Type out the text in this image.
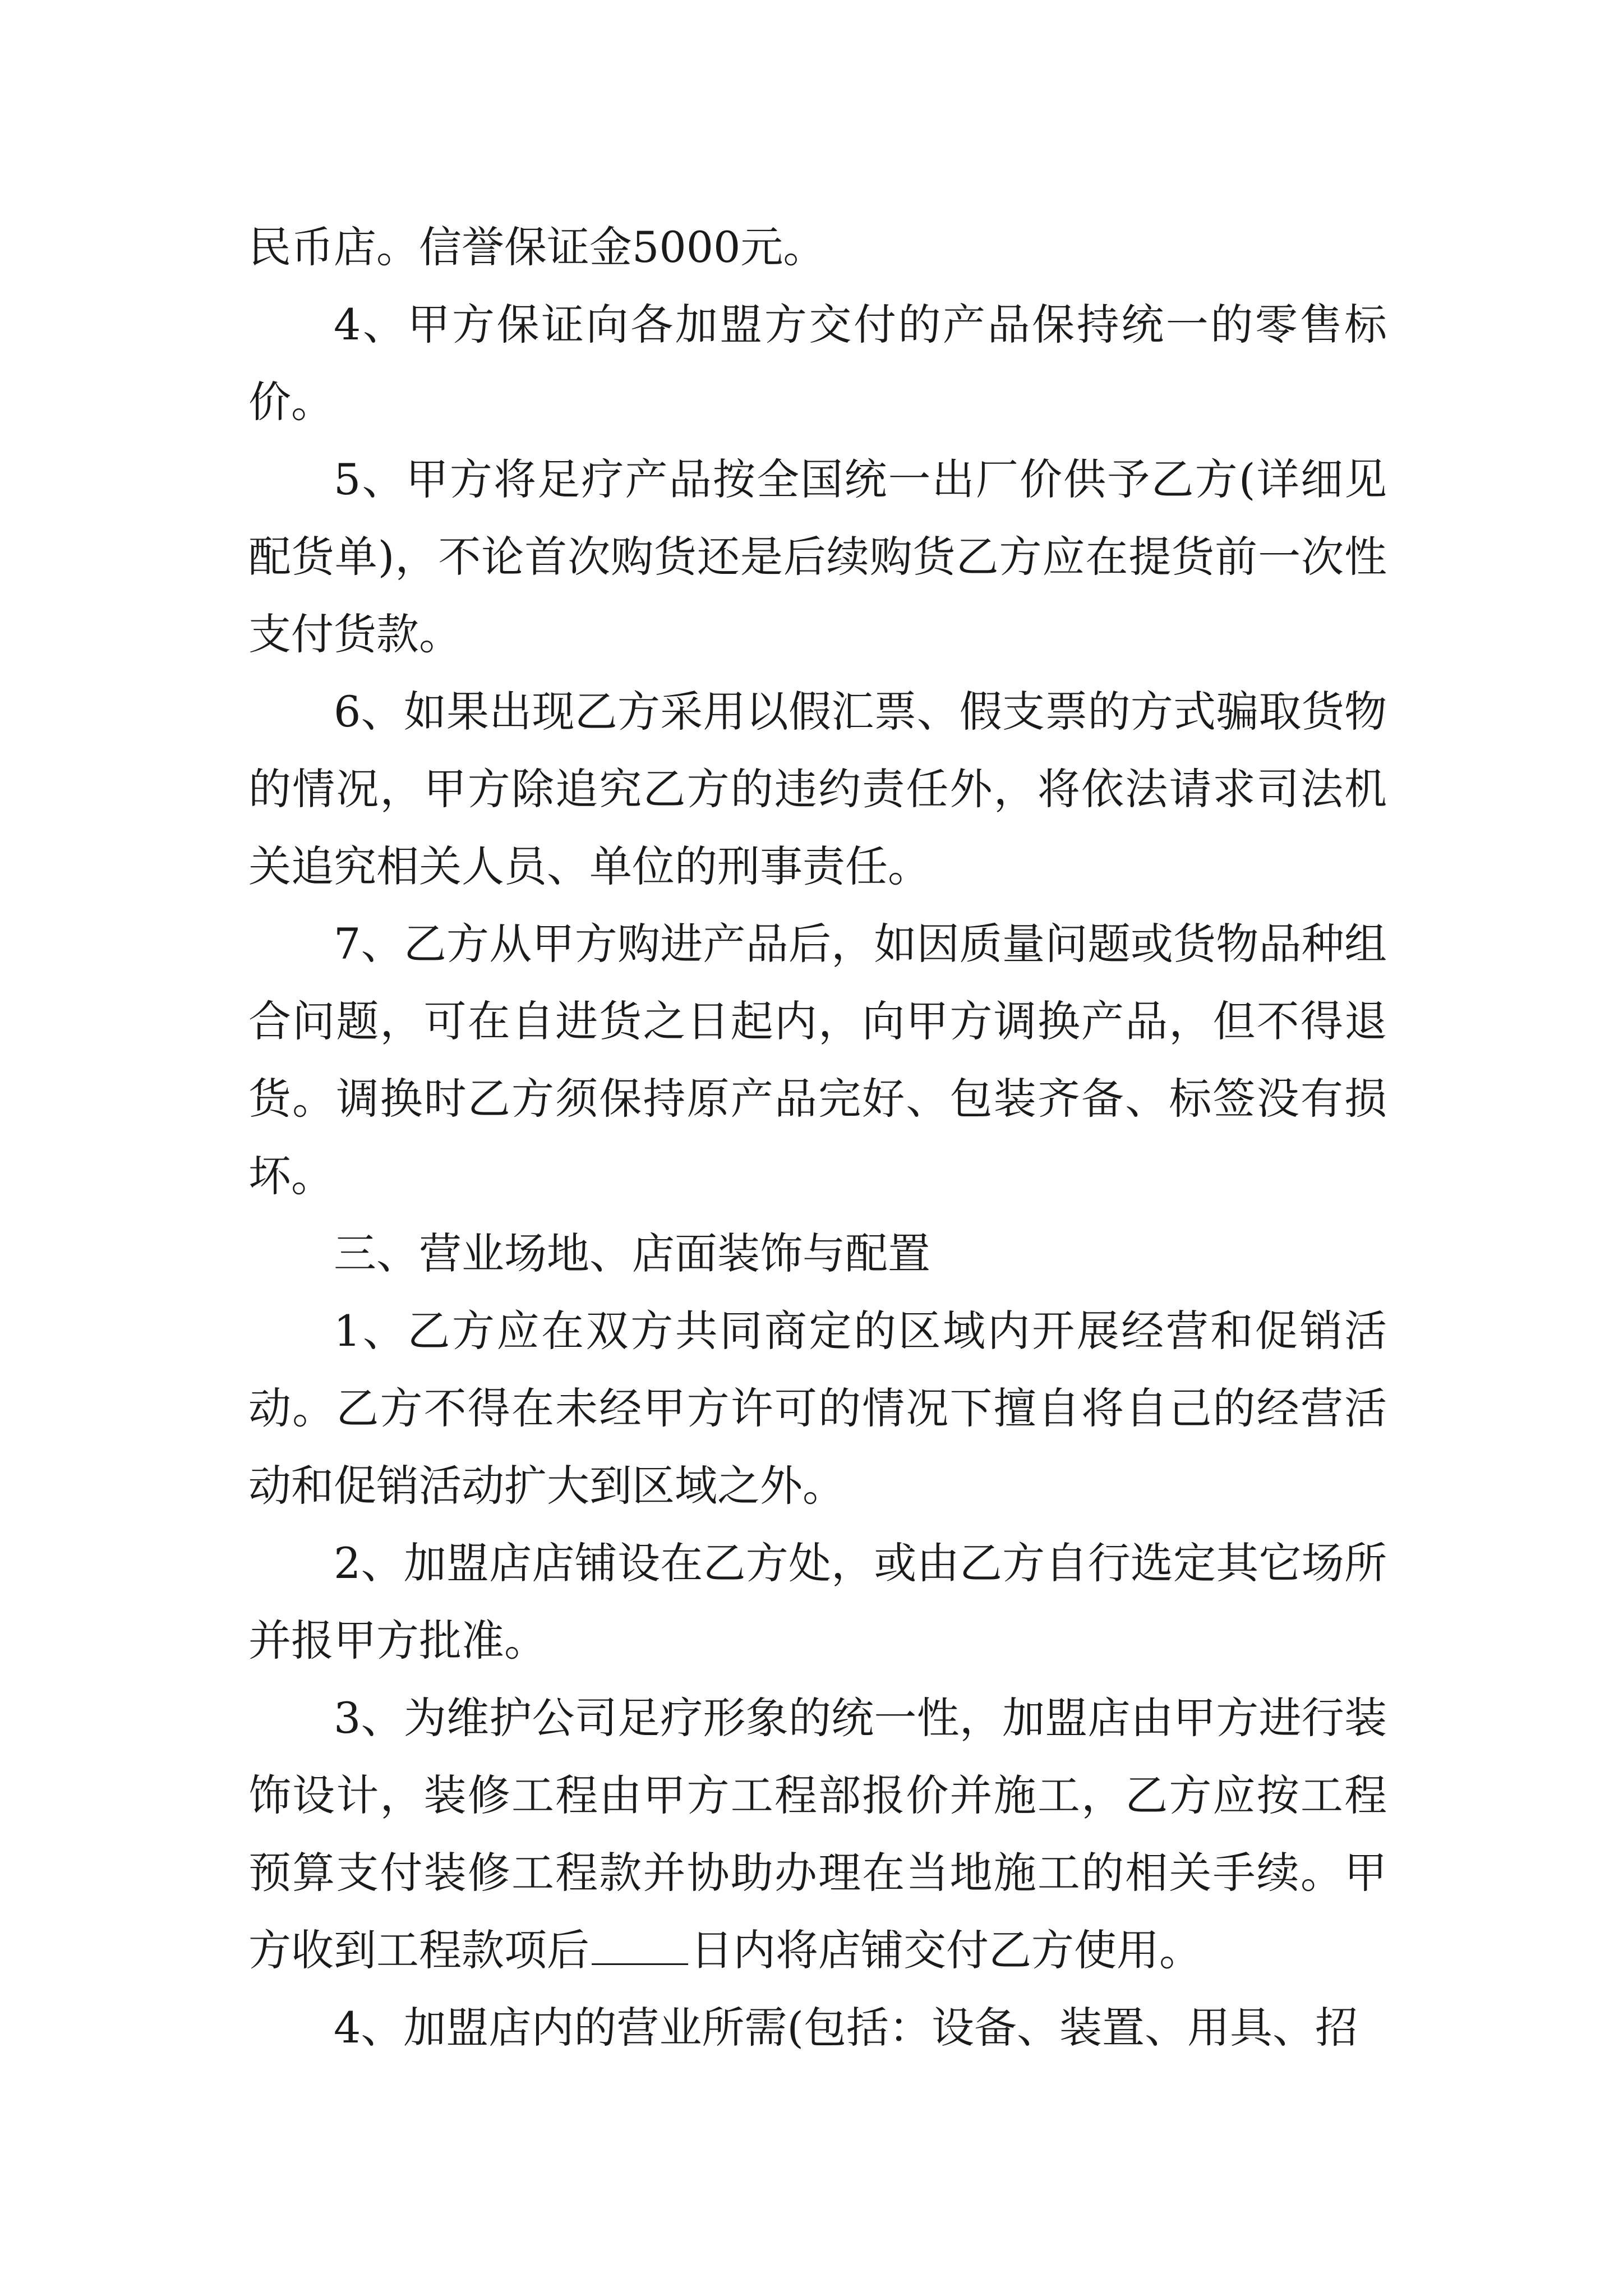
民币店。信誉保证金5000元。

4、甲方保证向各加盟方交付的产品保持统一的零售标价。

5、甲方将足疗产品按全国统一出厂价供予乙方(详细见配货单)，不论首次购货还是后续购货乙方应在提货前一次性支付货款。

6、如果出现乙方采用以假汇票、假支票的方式骗取货物的情况，甲方除追究乙方的违约责任外，将依法请求司法机关追究相关人员、单位的刑事责任。

7、乙方从甲方购进产品后，如因质量问题或货物品种组合问题，可在自进货之日起内，向甲方调换产品，但不得退货。调换时乙方须保持原产品完好、包装齐备、标签没有损坏。

三、营业场地、店面装饰与配置

1、乙方应在双方共同商定的区域内开展经营和促销活动。乙方不得在未经甲方许可的情况下擅自将自己的经营活动和促销活动扩大到区域之外。

2、加盟店店铺设在乙方处，或由乙方自行选定其它场所并报甲方批准。

3、为维护公司足疗形象的统一性，加盟店由甲方进行装饰设计，装修工程由甲方工程部报价并施工，乙方应按工程预算支付装修工程款并协助办理在当地施工的相关手续。甲方收到工程款项后 日内将店铺交付乙方使用。

4、加盟店内的营业所需(包括：设备、装置、用具、招
